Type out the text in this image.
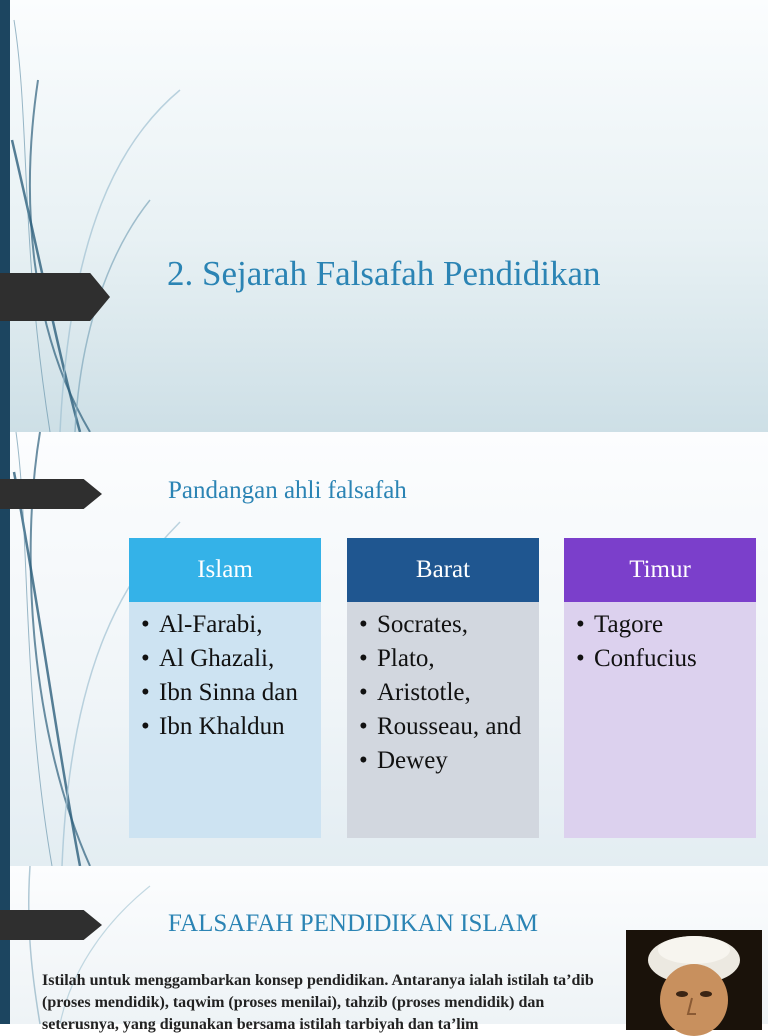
2. Sejarah Falsafah Pendidikan
Pandangan ahli falsafah
Islam
• Al-Farabi,
• Al Ghazali,
• Ibn Sinna dan
• Ibn Khaldun
Barat
• Socrates,
• Plato,
• Aristotle,
• Rousseau, and
• Dewey
Timur
• Tagore
• Confucius
FALSAFAH PENDIDIKAN ISLAM
Istilah untuk menggambarkan konsep pendidikan. Antaranya ialah istilah ta’dib (proses mendidik), taqwim (proses menilai), tahzib (proses mendidik) dan seterusnya, yang digunakan bersama istilah tarbiyah dan ta’lim
